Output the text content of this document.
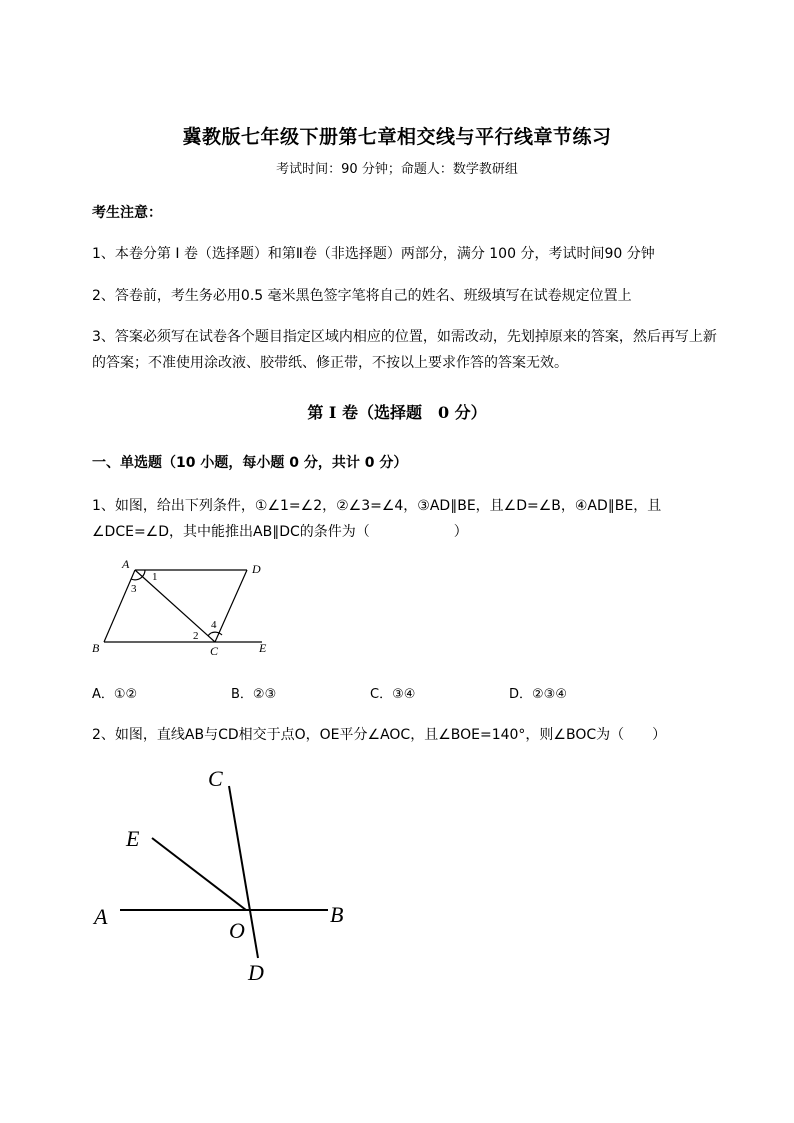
冀教版七年级下册第七章相交线与平行线章节练习
考试时间：90 分钟；命题人：数学教研组
考生注意：
1、本卷分第 I 卷（选择题）和第Ⅱ卷（非选择题）两部分，满分 100 分，考试时间90 分钟
2、答卷前，考生务必用0.5 毫米黑色签字笔将自己的姓名、班级填写在试卷规定位置上
3、答案必须写在试卷各个题目指定区域内相应的位置，如需改动，先划掉原来的答案，然后再写上新
的答案；不准使用涂改液、胶带纸、修正带，不按以上要求作答的答案无效。
第 I 卷（选择题　0 分）
一、单选题（10 小题，每小题 0 分，共计 0 分）
1、如图，给出下列条件，①∠1=∠2，②∠3=∠4，③AD∥BE，且∠D=∠B，④AD∥BE，且
∠DCE=∠D，其中能推出AB∥DC的条件为（　　　　　　）
A	D
B	C	E
1
3
2
4
A．①②	B．②③	C．③④	D．②③④
2、如图，直线AB与CD相交于点O，OE平分∠AOC，且∠BOE=140°，则∠BOC为（　　）
C
E
A
O
B
D
